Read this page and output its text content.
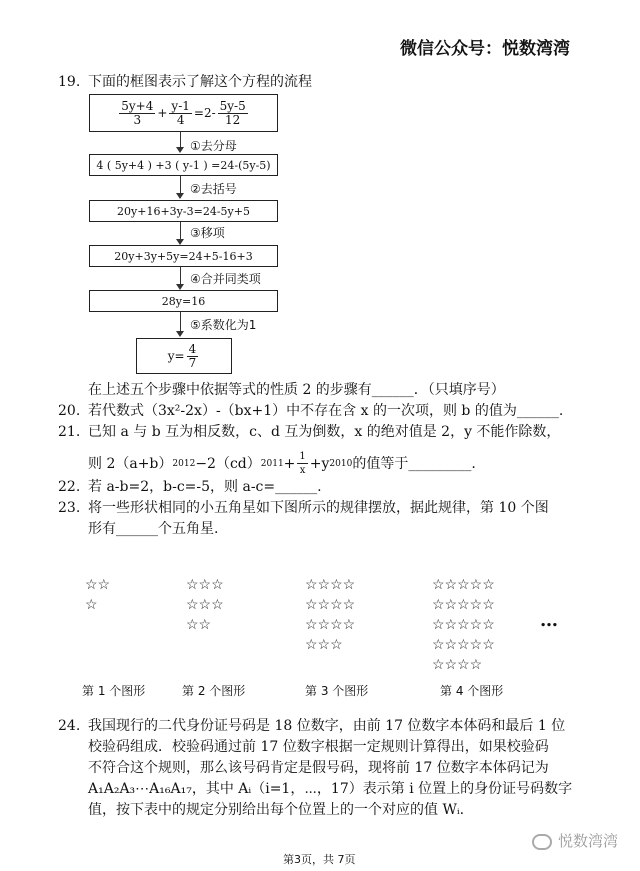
微信公众号：悦数湾湾
19. 下面的框图表示了解这个方程的流程
$\frac{5y+4}{3} + \frac{y-1}{4} =2- \frac{5y-5}{12}$
①去分母
4 ( 5y+4 ) +3 ( y-1 ) =24-(5y-5)
②去括号
20y+16+3y-3=24-5y+5
③移项
20y+3y+5y=24+5-16+3
④合并同类项
28y=16
⑤系数化为1
$y= \frac{4}{7}$
在上述五个步骤中依据等式的性质 2 的步骤有______．（只填序号）
20. 若代数式（3x²-2x）-（bx+1）中不存在含 x 的一次项，则 b 的值为______.
21. 已知 a 与 b 互为相反数，c、d 互为倒数，x 的绝对值是 2，y 不能作除数，
则 2（a+b） 2012 −2（cd） $2011 + \frac{1}{x} +y$ 2010 的值等于_________.
22. 若 a-b=2，b-c=-5，则 a-c=______.
23. 将一些形状相同的小五角星如下图所示的规律摆放，据此规律，第 10 个图
形有______个五角星.
☆☆
☆
☆☆☆
☆☆☆
☆☆
☆☆☆☆
☆☆☆☆
☆☆☆☆
☆☆☆
☆☆☆☆☆
☆☆☆☆☆
☆☆☆☆☆
☆☆☆☆☆
☆☆☆☆
…
第 1 个图形	第 2 个图形	第 3 个图形	第 4 个图形
24. 我国现行的二代身份证号码是 18 位数字，由前 17 位数字本体码和最后 1 位
校验码组成．校验码通过前 17 位数字根据一定规则计算得出，如果校验码
不符合这个规则，那么该号码肯定是假号码，现将前 17 位数字本体码记为
A₁A₂A₃⋯A₁₆A₁₇，其中 Aᵢ（i=1，⋯，17）表示第 i 位置上的身份证号码数字
值，按下表中的规定分别给出每个位置上的一个对应的值 Wᵢ.
第3页，共 7页
悦数湾湾
